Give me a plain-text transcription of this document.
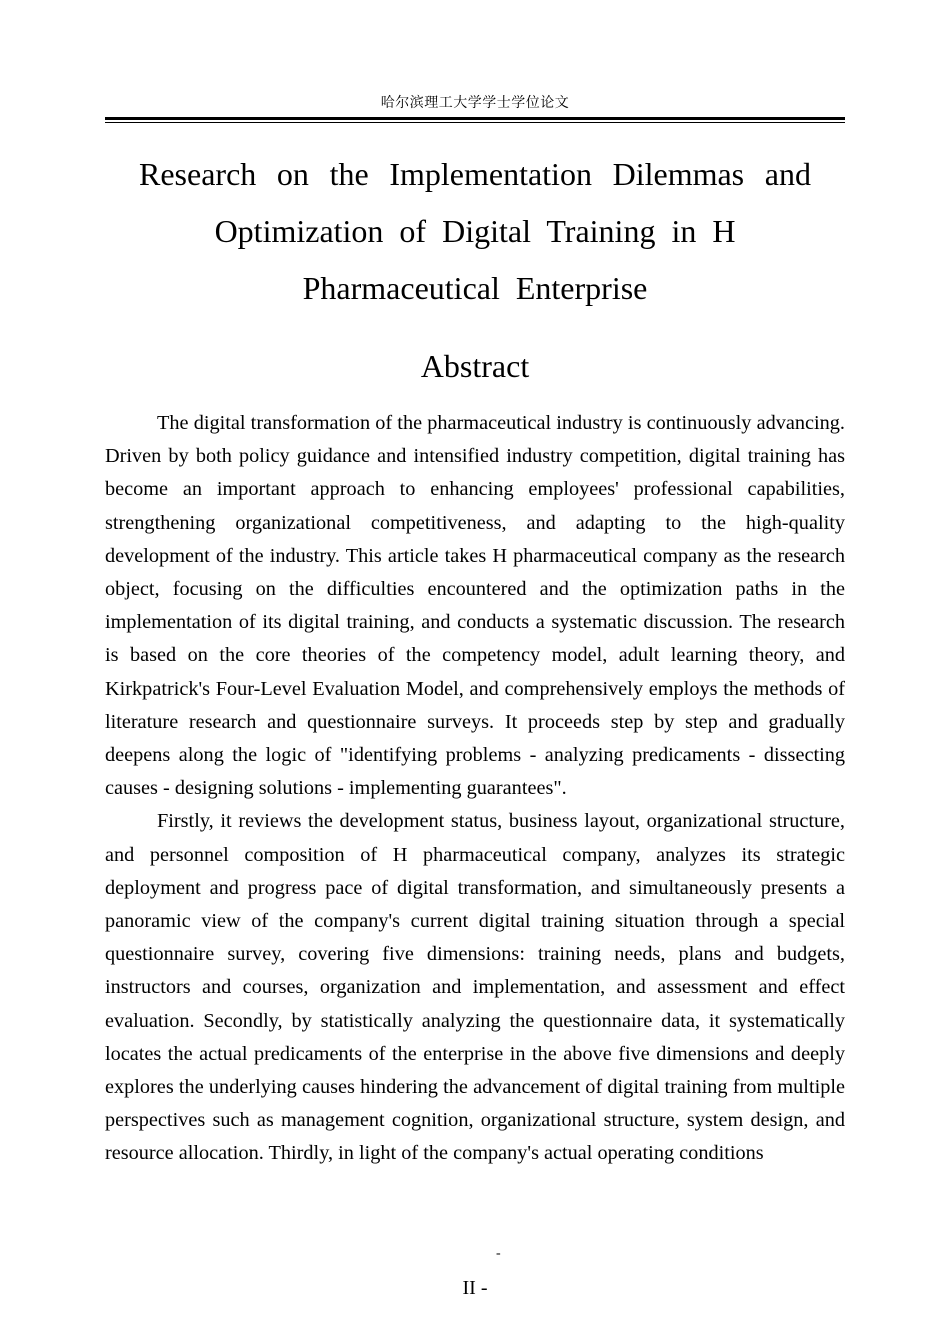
哈尔滨理工大学学士学位论文
Research on the Implementation Dilemmas and
Optimization of Digital Training in H
Pharmaceutical Enterprise
Abstract

The digital transformation of the pharmaceutical industry is continuously advancing. Driven by both policy guidance and intensified industry competition, digital training has become an important approach to enhancing employees' professional capabilities, strengthening organizational competitiveness, and adapting to the high-quality development of the industry. This article takes H pharmaceutical company as the research object, focusing on the difficulties encountered and the optimization paths in the implementation of its digital training, and conducts a systematic discussion. The research is based on the core theories of the competency model, adult learning theory, and Kirkpatrick's Four-Level Evaluation Model, and comprehensively employs the methods of literature research and questionnaire surveys. It proceeds step by step and gradually deepens along the logic of "identifying problems - analyzing predicaments - dissecting causes - designing solutions - implementing guarantees".

Firstly, it reviews the development status, business layout, organizational structure, and personnel composition of H pharmaceutical company, analyzes its strategic deployment and progress pace of digital transformation, and simultaneously presents a panoramic view of the company's current digital training situation through a special questionnaire survey, covering five dimensions: training needs, plans and budgets, instructors and courses, organization and implementation, and assessment and effect evaluation. Secondly, by statistically analyzing the questionnaire data, it systematically locates the actual predicaments of the enterprise in the above five dimensions and deeply explores the underlying causes hindering the advancement of digital training from multiple perspectives such as management cognition, organizational structure, system design, and resource allocation. Thirdly, in light of the company's actual operating conditions

-
II -
